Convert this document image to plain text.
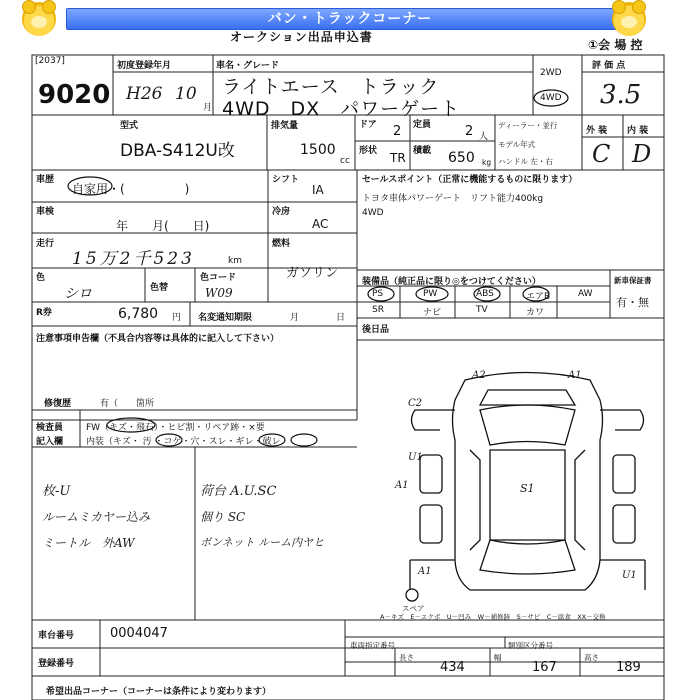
バン・トラックコーナー
オークション出品申込書
①会 場 控
[2037]
9020
初度登録年月
H26 10
月
車名・グレード
ライトエース　トラック
4WD　DX　パワーゲート
2WD
4WD
評 価 点
3.5
型式
DBA-S412U改
排気量
1500
cc
ドア 2 定員	2 人
形状 TR 積載 650 kg
ディーラー・並行
モデル年式
ハンドル 左・右
外 装 内 装
C D
車歴
自家用・(　　　　　)
シフト
IA
車検
年　　月(　　日)
冷房
AC
走行
15万2千523	km
燃料
ガソリン
色
シロ	色替
色コード
W09
R券	6,780 円 名変通知期限	月	日
セールスポイント（正常に機能するものに限ります）
トヨタ車体パワーゲート　リフト能力400kg
4WD
装備品（純正品に限り◎をつけてください）	新車保証書
有・無
PS	PW	ABS	エアB	AW
SR	ナビ	TV	カワ
後日品
注意事項申告欄（不具合内容等は具体的に記入して下さい）
修復歴	有（　　箇所
検査員	FW（キズ・飛石）・ヒビ割・リペア跡・×要
記入欄	内装（キズ・ 汚 ・コゲ・穴・スレ・ギレ・破レ
枚-U
ルームミカヤー込み
ミートル　外AW
荷台 A.U.SC
個り SC
ボンネット ルーム内ヤヒ
A2	A1
C2
U1
A1	S1
A1	U1
スペア
A－キズ　E－エクボ　U－凹み　W－補修跡　S－サビ　C－腐食　XX－交換
車台番号	0004047
登録番号
車両指定番号	類別区分番号
長さ
434
幅
167
高さ
189
希望出品コーナー（コーナーは条件により変わります）
